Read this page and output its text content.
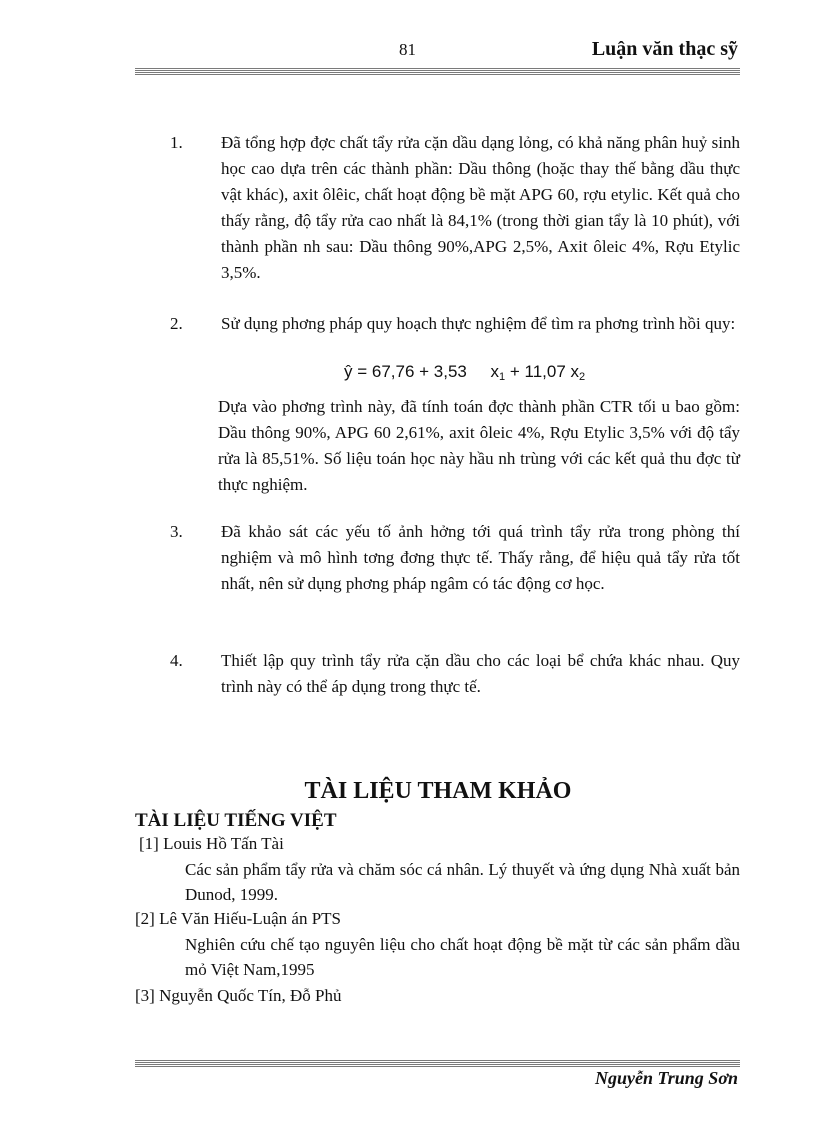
81	Luận văn thạc sỹ
1. Đã tổng hợp đợc chất tẩy rửa cặn dầu dạng lỏng, có khả năng phân huỷ sinh học cao dựa trên các thành phần: Dầu thông (hoặc thay thế bằng dầu thực vật khác), axit ôlêic, chất hoạt động bề mặt APG 60, rợu etylic. Kết quả cho thấy rằng, độ tẩy rửa cao nhất là 84,1% (trong thời gian tẩy là 10 phút), với thành phần nh sau: Dầu thông 90%,APG 2,5%, Axit ôleic 4%, Rợu Etylic 3,5%.
2. Sử dụng phơng pháp quy hoạch thực nghiệm để tìm ra phơng trình hồi quy:
ŷ = 67,76 + 3,53 $x_1 + 11,07$ $x_2$
Dựa vào phơng trình này, đã tính toán đợc thành phần CTR tối u bao gồm: Dầu thông 90%, APG 60 2,61%, axit ôleic 4%, Rợu Etylic 3,5% với độ tẩy rửa là 85,51%. Số liệu toán học này hầu nh trùng với các kết quả thu đợc từ thực nghiệm.
3. Đã khảo sát các yếu tố ảnh hởng tới quá trình tẩy rửa trong phòng thí nghiệm và mô hình tơng đơng thực tế. Thấy rằng, để hiệu quả tẩy rửa tốt nhất, nên sử dụng phơng pháp ngâm có tác động cơ học.
4. Thiết lập quy trình tẩy rửa cặn dầu cho các loại bể chứa khác nhau. Quy trình này có thể áp dụng trong thực tế.
TÀI LIỆU THAM KHẢO
TÀI LIỆU TIẾNG VIỆT
[1] Louis Hồ Tấn Tài
Các sản phẩm tẩy rửa và chăm sóc cá nhân. Lý thuyết và ứng dụng Nhà xuất bản Dunod, 1999.
[2] Lê Văn Hiếu-Luận án PTS
Nghiên cứu chế tạo nguyên liệu cho chất hoạt động bề mặt từ các sản phẩm dầu mỏ Việt Nam,1995
[3] Nguyễn Quốc Tín, Đỗ Phủ
Nguyễn Trung Sơn
